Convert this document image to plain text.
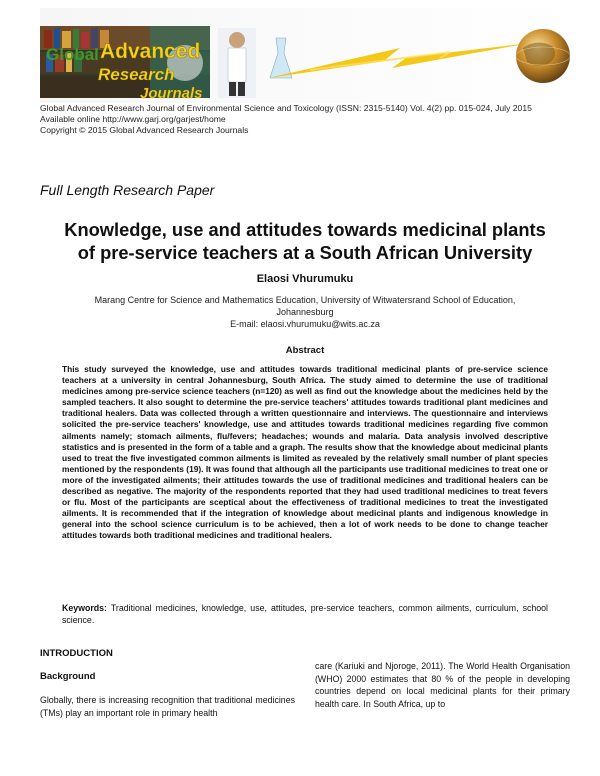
Global Advanced
Research
Journals
Global Advanced Research Journal of Environmental Science and Toxicology (ISSN: 2315-5140) Vol. 4(2) pp. 015-024, July 2015
Available online http://www.garj.org/garjest/home
Copyright © 2015 Global Advanced Research Journals
Full Length Research Paper
Knowledge, use and attitudes towards medicinal plants
of pre-service teachers at a South African University
Elaosi Vhurumuku
Marang Centre for Science and Mathematics Education, University of Witwatersrand School of Education,
Johannesburg
E-mail: elaosi.vhurumuku@wits.ac.za
Abstract
This study surveyed the knowledge, use and attitudes towards traditional medicinal plants of pre-service science teachers at a university in central Johannesburg, South Africa. The study aimed to determine the use of traditional medicines among pre-service science teachers (n=120) as well as find out the knowledge about the medicines held by the sampled teachers. It also sought to determine the pre-service teachers' attitudes towards traditional plant medicines and traditional healers. Data was collected through a written questionnaire and interviews. The questionnaire and interviews solicited the pre-service teachers' knowledge, use and attitudes towards traditional medicines regarding five common ailments namely; stomach ailments, flu/fevers; headaches; wounds and malaria. Data analysis involved descriptive statistics and is presented in the form of a table and a graph. The results show that the knowledge about medicinal plants used to treat the five investigated common ailments is limited as revealed by the relatively small number of plant species mentioned by the respondents (19). It was found that although all the participants use traditional medicines to treat one or more of the investigated ailments; their attitudes towards the use of traditional medicines and traditional healers can be described as negative. The majority of the respondents reported that they had used traditional medicines to treat fevers or flu. Most of the participants are sceptical about the effectiveness of traditional medicines to treat the investigated ailments. It is recommended that if the integration of knowledge about medicinal plants and indigenous knowledge in general into the school science curriculum is to be achieved, then a lot of work needs to be done to change teacher attitudes towards both traditional medicines and traditional healers.
Keywords: Traditional medicines, knowledge, use, attitudes, pre-service teachers, common ailments, curriculum, school science.
INTRODUCTION
Background
Globally, there is increasing recognition that traditional medicines (TMs) play an important role in primary health
care (Kariuki and Njoroge, 2011). The World Health Organisation (WHO) 2000 estimates that 80 % of the people in developing countries depend on local medicinal plants for their primary health care. In South Africa, up to
